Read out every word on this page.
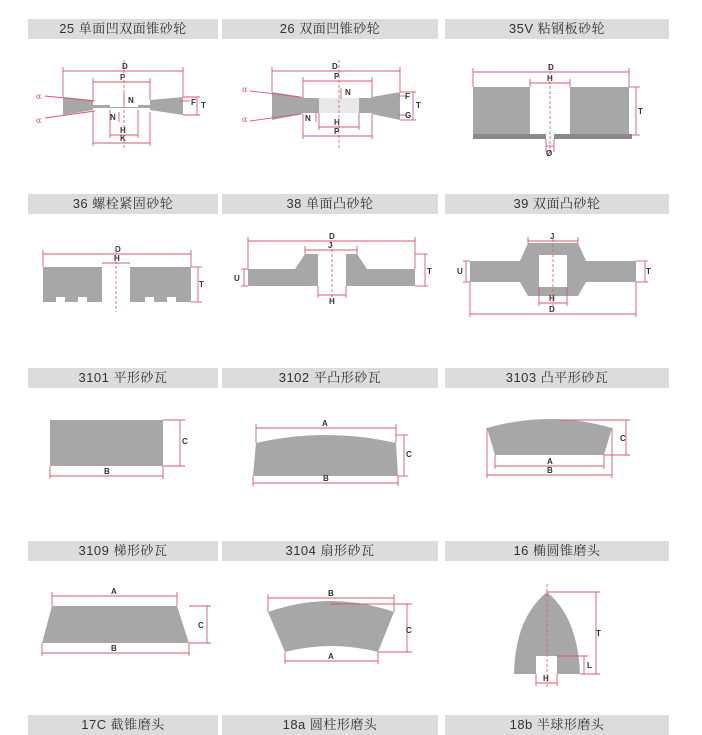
25 单面凹双面锥砂轮	26 双面凹锥砂轮	35V 粘钢板砂轮
D
P
N
N
H
K
F T
α
α
D
P
N
N	H
P
T
F
G
α
α
D
H
T
Ø
36 螺栓紧固砂轮	38 单面凸砂轮	39 双面凸砂轮
D
H
T
D
J
H
U
T
J
H
D
U	T
3101 平形砂瓦	3102 平凸形砂瓦	3103 凸平形砂瓦
C
B
A
B
C
A
B
C
3109 梯形砂瓦	3104 扇形砂瓦	16 椭圆锥磨头
A
B
C
B
A
C	T
L
H
17C 截锥磨头	18a 圆柱形磨头	18b 半球形磨头
